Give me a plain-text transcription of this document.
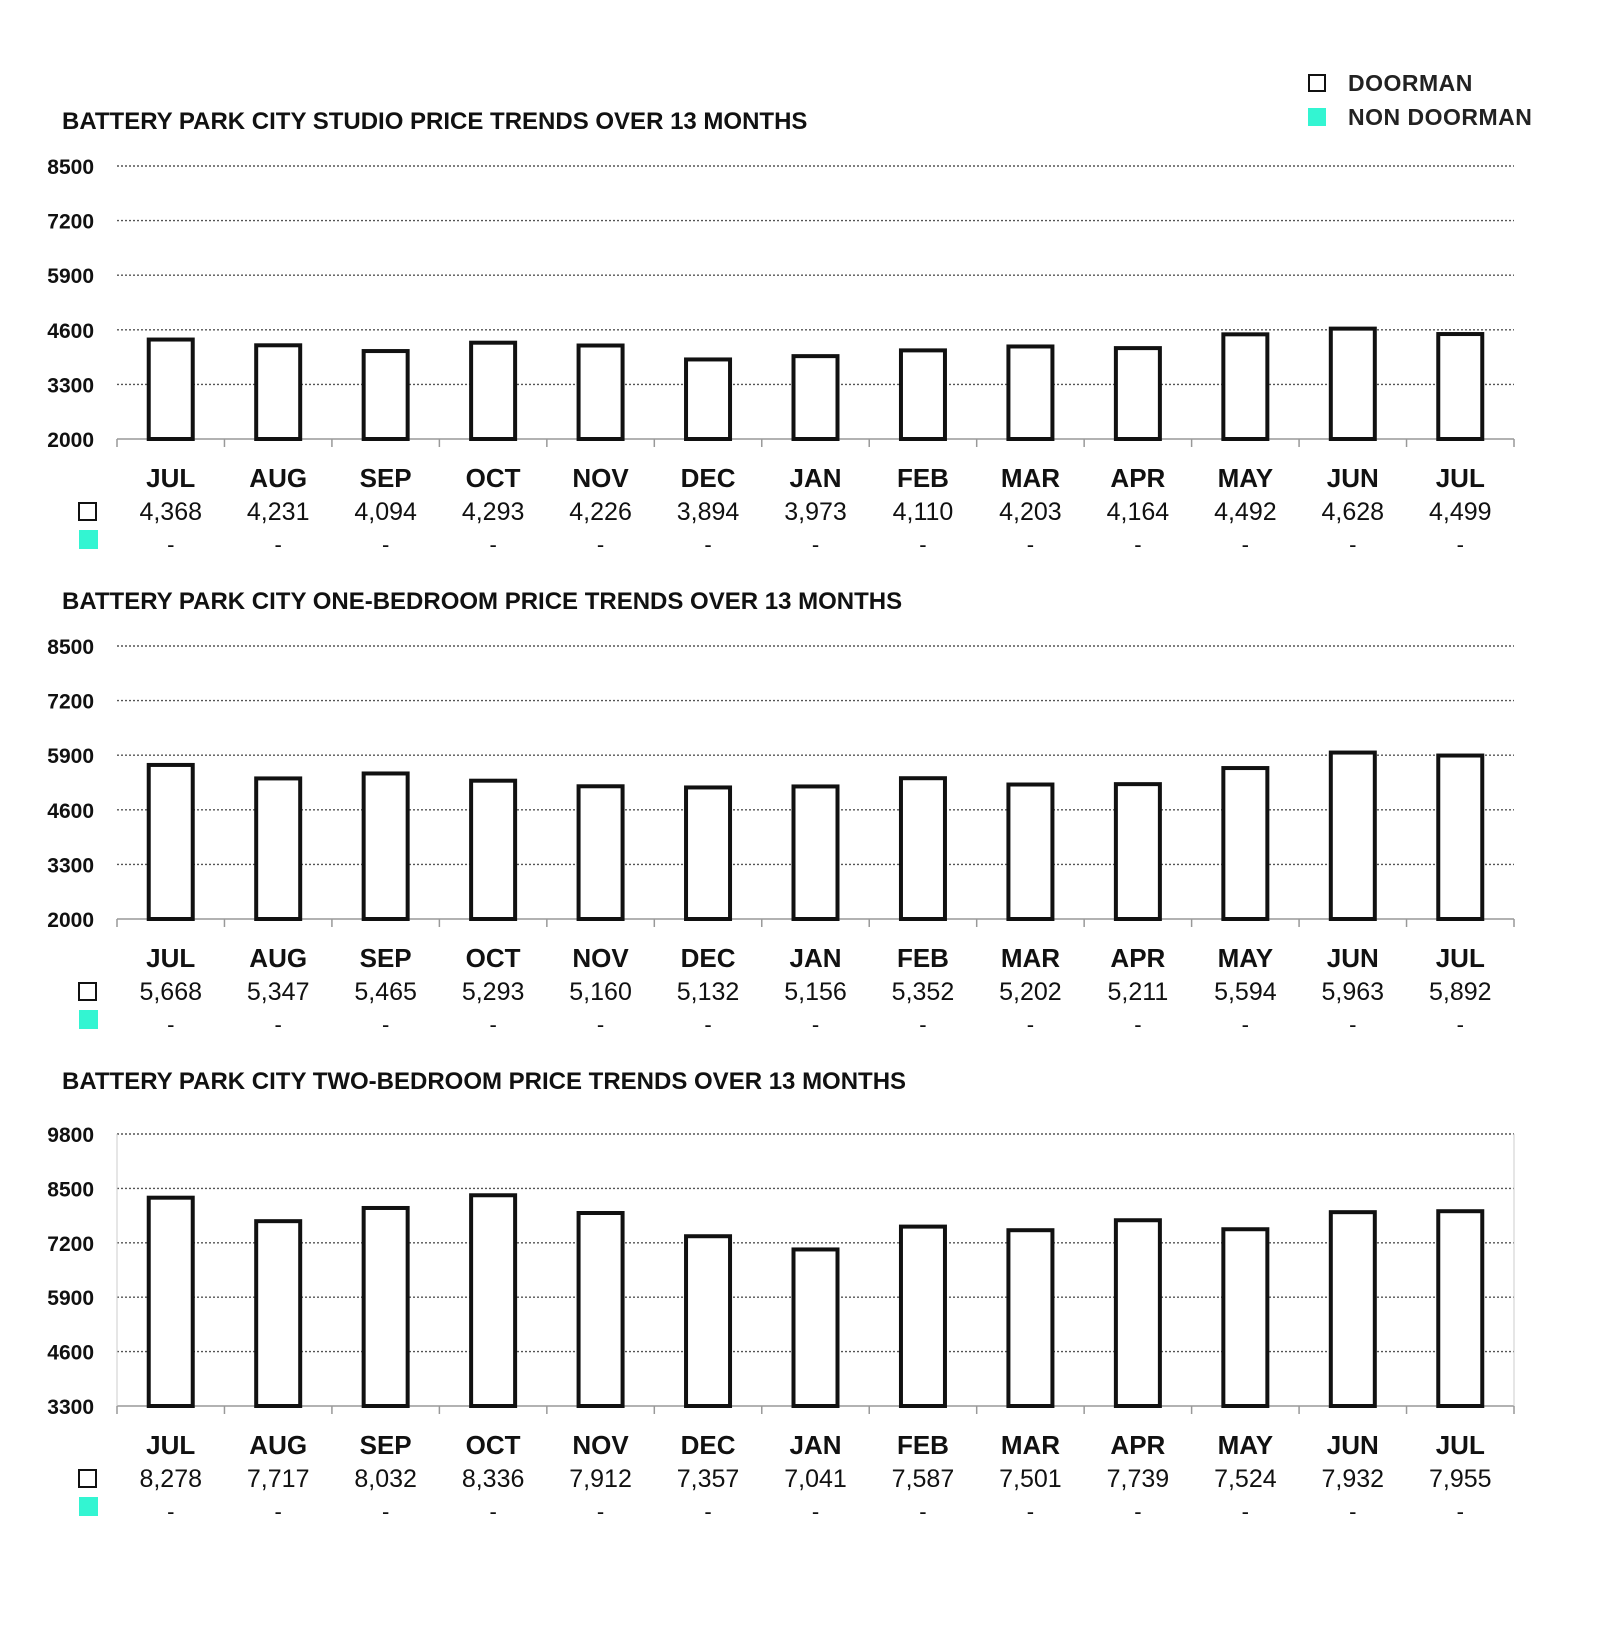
DOORMAN
NON DOORMAN
BATTERY PARK CITY STUDIO PRICE TRENDS OVER 13 MONTHS
2000
3300
4600
5900
7200
8500
JUL AUG SEP OCT NOV DEC JAN FEB MAR APR MAY JUN JUL
4,368 4,231 4,094 4,293 4,226 3,894 3,973 4,110 4,203 4,164 4,492 4,628 4,499
-	-	-	-	-	-	-	-	-	-	-	-	-
BATTERY PARK CITY ONE-BEDROOM PRICE TRENDS OVER 13 MONTHS
2000
3300
4600
5900
7200
8500
JUL AUG SEP OCT NOV DEC JAN FEB MAR APR MAY JUN JUL
5,668 5,347 5,465 5,293 5,160 5,132 5,156 5,352 5,202 5,211 5,594 5,963 5,892
-	-	-	-	-	-	-	-	-	-	-	-	-
BATTERY PARK CITY TWO-BEDROOM PRICE TRENDS OVER 13 MONTHS
3300
4600
5900
7200
8500
9800
JUL AUG SEP OCT NOV DEC JAN FEB MAR APR MAY JUN JUL
8,278 7,717 8,032 8,336 7,912 7,357 7,041 7,587 7,501 7,739 7,524 7,932 7,955
-	-	-	-	-	-	-	-	-	-	-	-	-
